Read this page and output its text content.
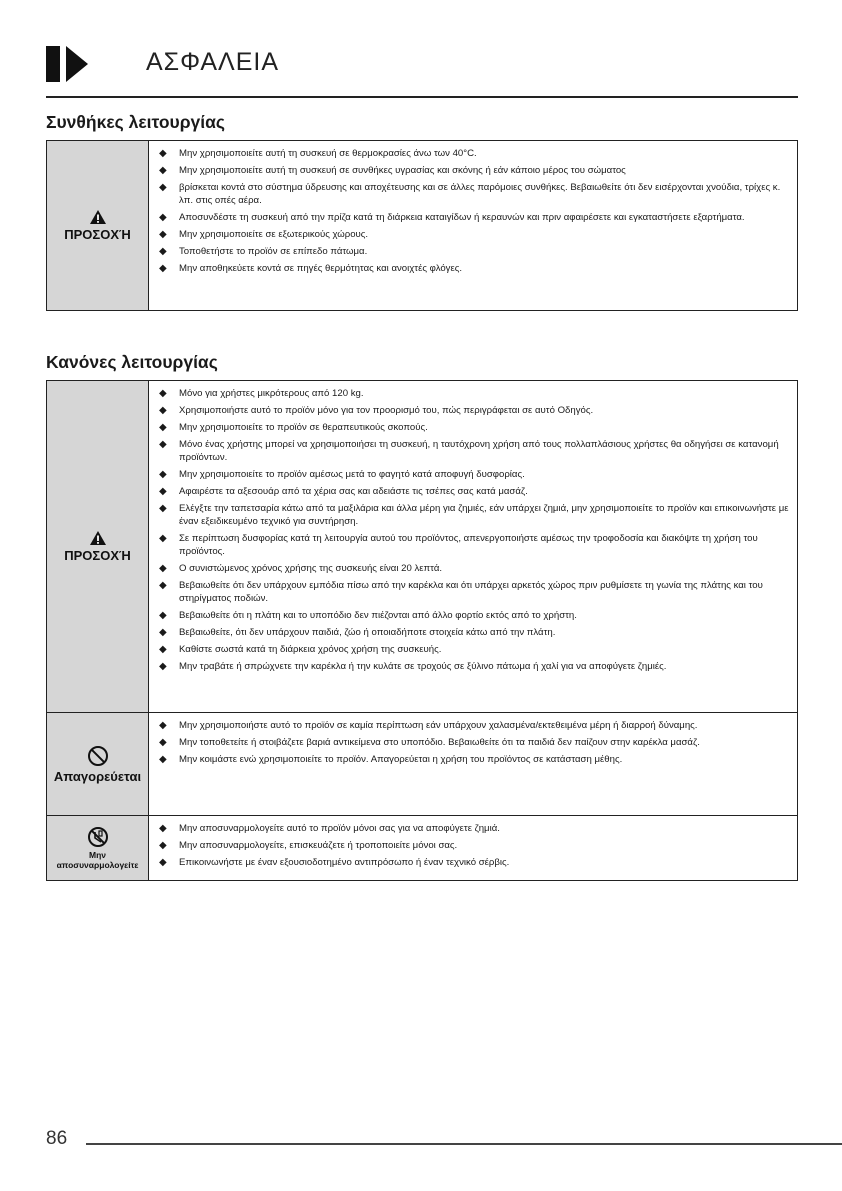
ΑΣΦΑΛΕΙΑ
Συνθήκες λειτουργίας
ΠΡΟΣΟΧΉ
◆ Μην χρησιμοποιείτε αυτή τη συσκευή σε θερμοκρασίες άνω των 40°C.
◆ Μην χρησιμοποιείτε αυτή τη συσκευή σε συνθήκες υγρασίας και σκόνης ή εάν κάποιο μέρος του σώματος
◆ βρίσκεται κοντά στο σύστημα ύδρευσης και αποχέτευσης και σε άλλες παρόμοιες συνθήκες. Βεβαιωθείτε ότι δεν εισέρχονται χνούδια, τρίχες κ. λπ. στις οπές αέρα.
◆ Αποσυνδέστε τη συσκευή από την πρίζα κατά τη διάρκεια καταιγίδων ή κεραυνών και πριν αφαιρέσετε και εγκαταστήσετε εξαρτήματα.
◆ Μην χρησιμοποιείτε σε εξωτερικούς χώρους.
◆ Τοποθετήστε το προϊόν σε επίπεδο πάτωμα.
◆ Μην αποθηκεύετε κοντά σε πηγές θερμότητας και ανοιχτές φλόγες.
Κανόνες λειτουργίας
ΠΡΟΣΟΧΉ
◆ Μόνο για χρήστες μικρότερους από 120 kg.
◆ Χρησιμοποιήστε αυτό το προϊόν μόνο για τον προορισμό του, πώς περιγράφεται σε αυτό Οδηγός.
◆ Μην χρησιμοποιείτε το προϊόν σε θεραπευτικούς σκοπούς.
◆ Μόνο ένας χρήστης μπορεί να χρησιμοποιήσει τη συσκευή, η ταυτόχρονη χρήση από τους πολλαπλάσιους χρήστες θα οδηγήσει σε κατανομή προϊόντων.
◆ Μην χρησιμοποιείτε το προϊόν αμέσως μετά το φαγητό κατά αποφυγή δυσφορίας.
◆ Αφαιρέστε τα αξεσουάρ από τα χέρια σας και αδειάστε τις τσέπες σας κατά μασάζ.
◆ Ελέγξτε την ταπετσαρία κάτω από τα μαξιλάρια και άλλα μέρη για ζημιές, εάν υπάρχει ζημιά, μην χρησιμοποιείτε το προϊόν και επικοινωνήστε με έναν εξειδικευμένο τεχνικό για συντήρηση.
◆ Σε περίπτωση δυσφορίας κατά τη λειτουργία αυτού του προϊόντος, απενεργοποιήστε αμέσως την τροφοδοσία και διακόψτε τη χρήση του προϊόντος.
◆ Ο συνιστώμενος χρόνος χρήσης της συσκευής είναι 20 λεπτά.
◆ Βεβαιωθείτε ότι δεν υπάρχουν εμπόδια πίσω από την καρέκλα και ότι υπάρχει αρκετός χώρος πριν ρυθμίσετε τη γωνία της πλάτης και του στηρίγματος ποδιών.
◆ Βεβαιωθείτε ότι η πλάτη και το υποπόδιο δεν πιέζονται από άλλο φορτίο εκτός από το χρήστη.
◆ Βεβαιωθείτε, ότι δεν υπάρχουν παιδιά, ζώο ή οποιαδήποτε στοιχεία κάτω από την πλάτη.
◆ Καθίστε σωστά κατά τη διάρκεια χρόνος χρήση της συσκευής.
◆ Μην τραβάτε ή σπρώχνετε την καρέκλα ή την κυλάτε σε τροχούς σε ξύλινο πάτωμα ή χαλί για να αποφύγετε ζημιές.
Απαγορεύεται
◆ Μην χρησιμοποιήστε αυτό το προϊόν σε καμία περίπτωση εάν υπάρχουν χαλασμένα/εκτεθειμένα μέρη ή διαρροή δύναμης.
◆ Μην τοποθετείτε ή στοιβάζετε βαριά αντικείμενα στο υποπόδιο. Βεβαιωθείτε ότι τα παιδιά δεν παίζουν στην καρέκλα μασάζ.
◆ Μην κοιμάστε ενώ χρησιμοποιείτε το προϊόν. Απαγορεύεται η χρήση του προϊόντος σε κατάσταση μέθης.
Μην αποσυναρμολογείτε
◆ Μην αποσυναρμολογείτε αυτό το προϊόν μόνοι σας για να αποφύγετε ζημιά.
◆ Μην αποσυναρμολογείτε, επισκευάζετε ή τροποποιείτε μόνοι σας.
◆ Επικοινωνήστε με έναν εξουσιοδοτημένο αντιπρόσωπο ή έναν τεχνικό σέρβις.
86
